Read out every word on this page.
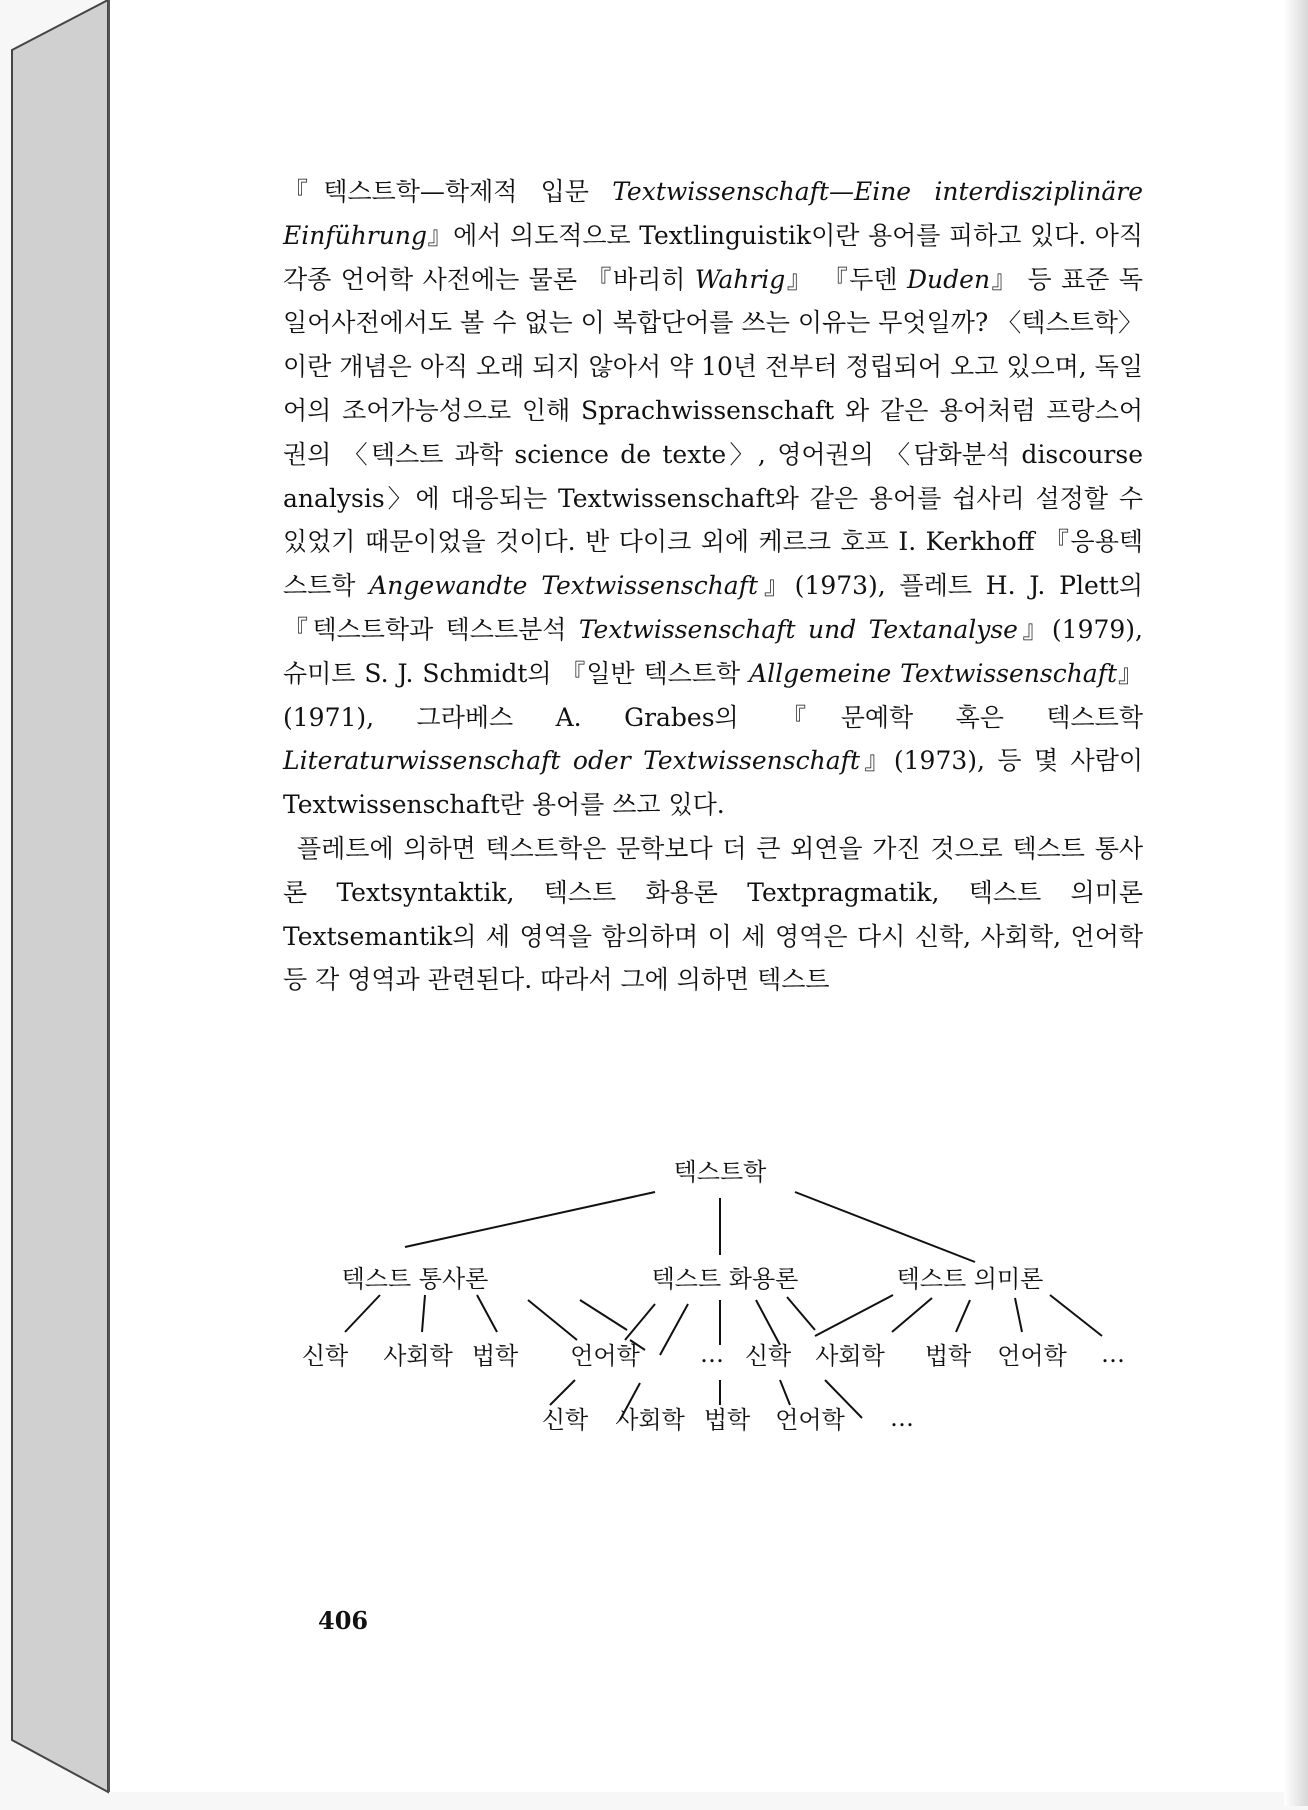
『텍스트학—학제적 입문 Textwissenschaft—Eine interdisziplinäre Einführung』에서 의도적으로 Textlinguistik이란 용어를 피하고 있다. 아직 각종 언어학 사전에는 물론 『바리히 Wahrig』 『두덴 Duden』 등 표준 독일어사전에서도 볼 수 없는 이 복합단어를 쓰는 이유는 무엇일까? 〈텍스트학〉이란 개념은 아직 오래 되지 않아서 약 10년 전부터 정립되어 오고 있으며, 독일어의 조어가능성으로 인해 Sprachwissenschaft 와 같은 용어처럼 프랑스어권의 〈텍스트 과학 science de texte〉, 영어권의 〈담화분석 discourse analysis〉에 대응되는 Textwissenschaft와 같은 용어를 쉽사리 설정할 수 있었기 때문이었을 것이다. 반 다이크 외에 케르크 호프 I. Kerkhoff 『응용텍스트학 Angewandte Textwissenschaft』(1973), 플레트 H. J. Plett의 『텍스트학과 텍스트분석 Textwissenschaft und Textanalyse』(1979), 슈미트 S. J. Schmidt의 『일반 텍스트학 Allgemeine Textwissenschaft』(1971), 그라베스 A. Grabes의 『문예학 혹은 텍스트학 Literaturwissenschaft oder Textwissenschaft』(1973), 등 몇 사람이 Textwissenschaft란 용어를 쓰고 있다.

플레트에 의하면 텍스트학은 문학보다 더 큰 외연을 가진 것으로 텍스트 통사론 Textsyntaktik, 텍스트 화용론 Textpragmatik, 텍스트 의미론 Textsemantik의 세 영역을 함의하며 이 세 영역은 다시 신학, 사회학, 언어학 등 각 영역과 관련된다. 따라서 그에 의하면 텍스트

텍스트학
텍스트 통사론	텍스트 화용론	텍스트 의미론
신학 사회학 법학 언어학	… 신학 사회학 법학 언어학 …
신학 사회학 법학 언어학 …
406
